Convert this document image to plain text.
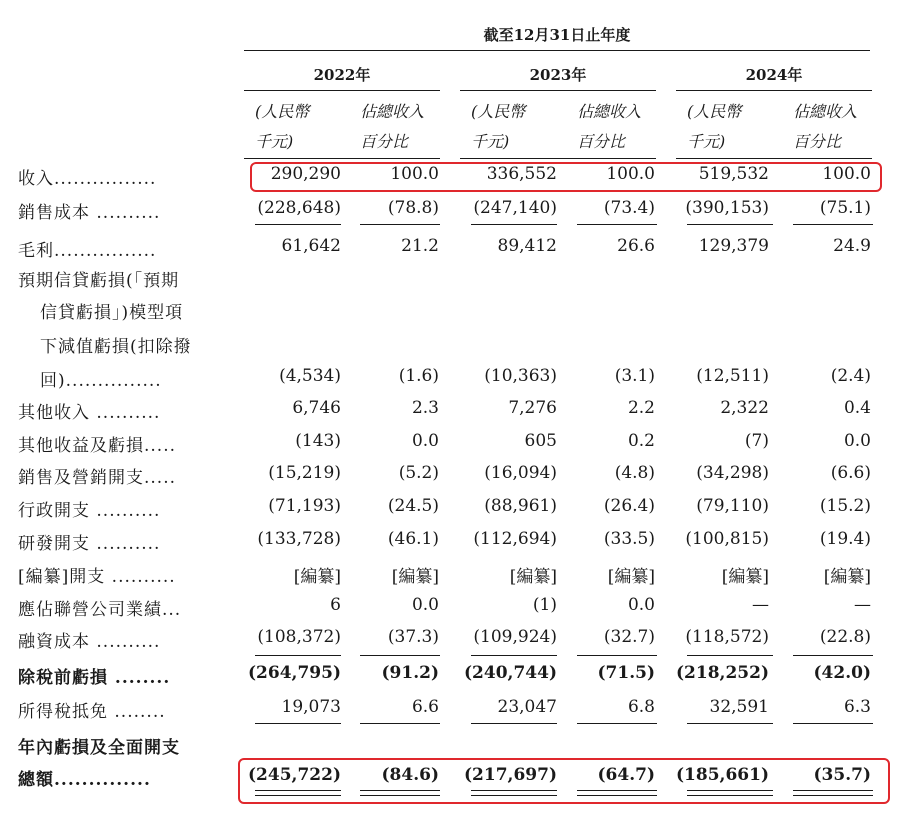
截至12月31日止年度
2022年	2023年	2024年
(人民幣	佔總收入	(人民幣	佔總收入	(人民幣	佔總收入
千元)	百分比	千元)	百分比	千元)	百分比
收入................	290,290	100.0	336,552	100.0	519,532	100.0
銷售成本 ..........	(228,648)	(78.8) (247,140)	(73.4) (390,153)	(75.1)
毛利................	61,642	21.2	89,412	26.6	129,379	24.9
預期信貸虧損(「預期
信貸虧損」)模型項
下減值虧損(扣除撥
回)...............	(4,534)	(1.6)	(10,363)	(3.1) (12,511)	(2.4)
其他收入 ..........	6,746	2.3	7,276	2.2	2,322	0.4
其他收益及虧損.....	(143)	0.0	605	0.2	(7)	0.0
銷售及營銷開支.....	(15,219)	(5.2)	(16,094)	(4.8) (34,298)	(6.6)
行政開支 ..........	(71,193)	(24.5)	(88,961)	(26.4) (79,110)	(15.2)
研發開支 ..........	(133,728)	(46.1) (112,694)	(33.5) (100,815)	(19.4)
[編纂]開支 ..........	[編纂]	[編纂]	[編纂]	[編纂]	[編纂]	[編纂]
應佔聯營公司業績...	6	0.0	(1)	0.0	—	—
融資成本 ..........	(108,372)	(37.3) (109,924)	(32.7) (118,572)	(22.8)
除稅前虧損 ........	(264,795) (91.2) (240,744) (71.5) (218,252)	(42.0)
所得稅抵免 ........	19,073	6.6	23,047	6.8	32,591	6.3
年內虧損及全面開支
總額..............	(245,722) (84.6) (217,697) (64.7) (185,661)	(35.7)
